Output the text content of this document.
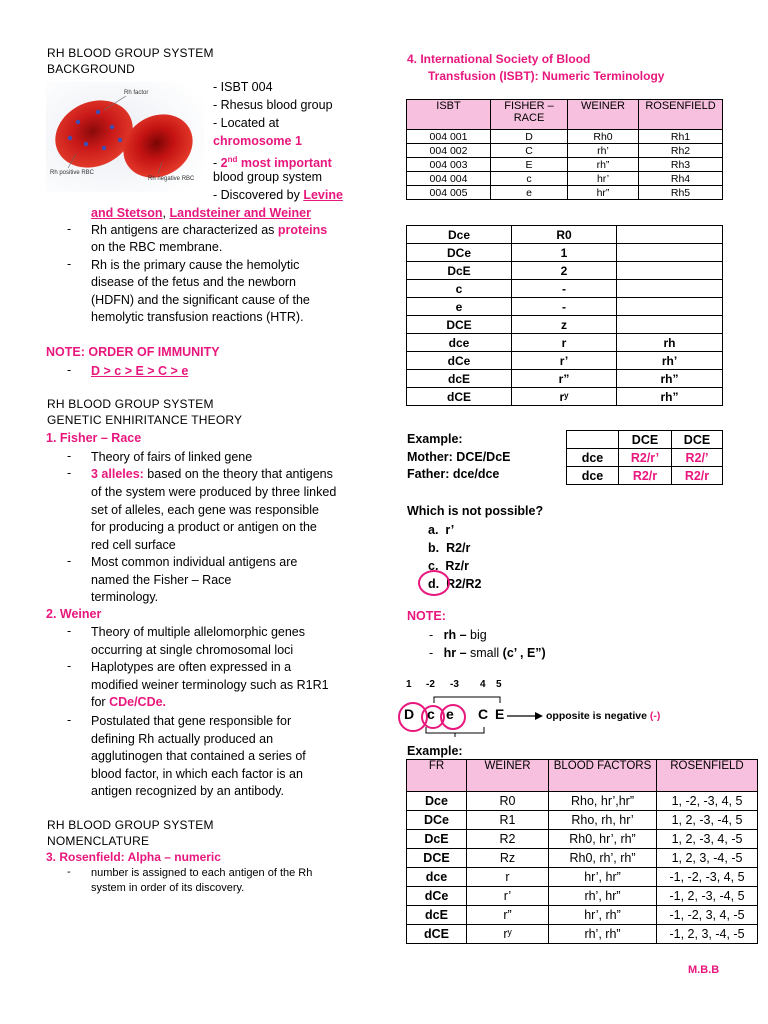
RH BLOOD GROUP SYSTEM
BACKGROUND
Rh factor
Rh positive RBC
Rh negative RBC
- ISBT 004
- Rhesus blood group
- Located at
chromosome 1
- 2nd most important
blood group system
- Discovered by Levine
and Stetson, Landsteiner and Weiner
- Rh antigens are characterized as proteins
on the RBC membrane.
- Rh is the primary cause the hemolytic
disease of the fetus and the newborn
(HDFN) and the significant cause of the
hemolytic transfusion reactions (HTR).
NOTE: ORDER OF IMMUNITY
- D > c > E > C > e
RH BLOOD GROUP SYSTEM
GENETIC ENHIRITANCE THEORY
1. Fisher – Race
- Theory of fairs of linked gene
- 3 alleles: based on the theory that antigens
of the system were produced by three linked
set of alleles, each gene was responsible
for producing a product or antigen on the
red cell surface
- Most common individual antigens are
named the Fisher – Race
terminology.
2. Weiner
- Theory of multiple allelomorphic genes
occurring at single chromosomal loci
- Haplotypes are often expressed in a
modified weiner terminology such as R1R1
for CDe/CDe.
- Postulated that gene responsible for
defining Rh actually produced an
agglutinogen that contained a series of
blood factor, in which each factor is an
antigen recognized by an antibody.
RH BLOOD GROUP SYSTEM
NOMENCLATURE
3. Rosenfield: Alpha – numeric
- number is assigned to each antigen of the Rh
system in order of its discovery.
4. International Society of Blood
Transfusion (ISBT): Numeric Terminology
ISBT	FISHER – RACE	WEINER	ROSENFIELD
004 001	D	Rh0	Rh1
004 002	C	rh’	Rh2
004 003	E	rh”	Rh3
004 004	c	hr’	Rh4
004 005	e	hr”	Rh5
Dce	R0	
DCe	1	
DcE	2	
c	-	
e	-	
DCE	z	
dce	r	rh
dCe	r’	rh’
dcE	r”	rh”
dCE	rʸ	rh”
Example:
Mother: DCE/DcE
Father: dce/dce
	DCE	DCE
dce	R2/r’	R2/’
dce	R2/r	R2/r
Which is not possible?
a. r’
b. R2/r
c. Rz/r
d. R2/R2
NOTE:
-   rh – big
-   hr – small (c’ , E”)
1 -2 -3 4 5
D c e C E	opposite is negative (-)
Example:
FR	WEINER	BLOOD FACTORS	ROSENFIELD
Dce	R0	Rho, hr’,hr”	1, -2, -3, 4, 5
DCe	R1	Rho, rh, hr’	1, 2, -3, -4, 5
DcE	R2	Rh0, hr’, rh”	1, 2, -3, 4, -5
DCE	Rz	Rh0, rh’, rh”	1, 2, 3, -4, -5
dce	r	hr’, hr”	-1, -2, -3, 4, 5
dCe	r’	rh’, hr”	-1, 2, -3, -4, 5
dcE	r”	hr’, rh”	-1, -2, 3, 4, -5
dCE	rʸ	rh’, rh”	-1, 2, 3, -4, -5
M.B.B
